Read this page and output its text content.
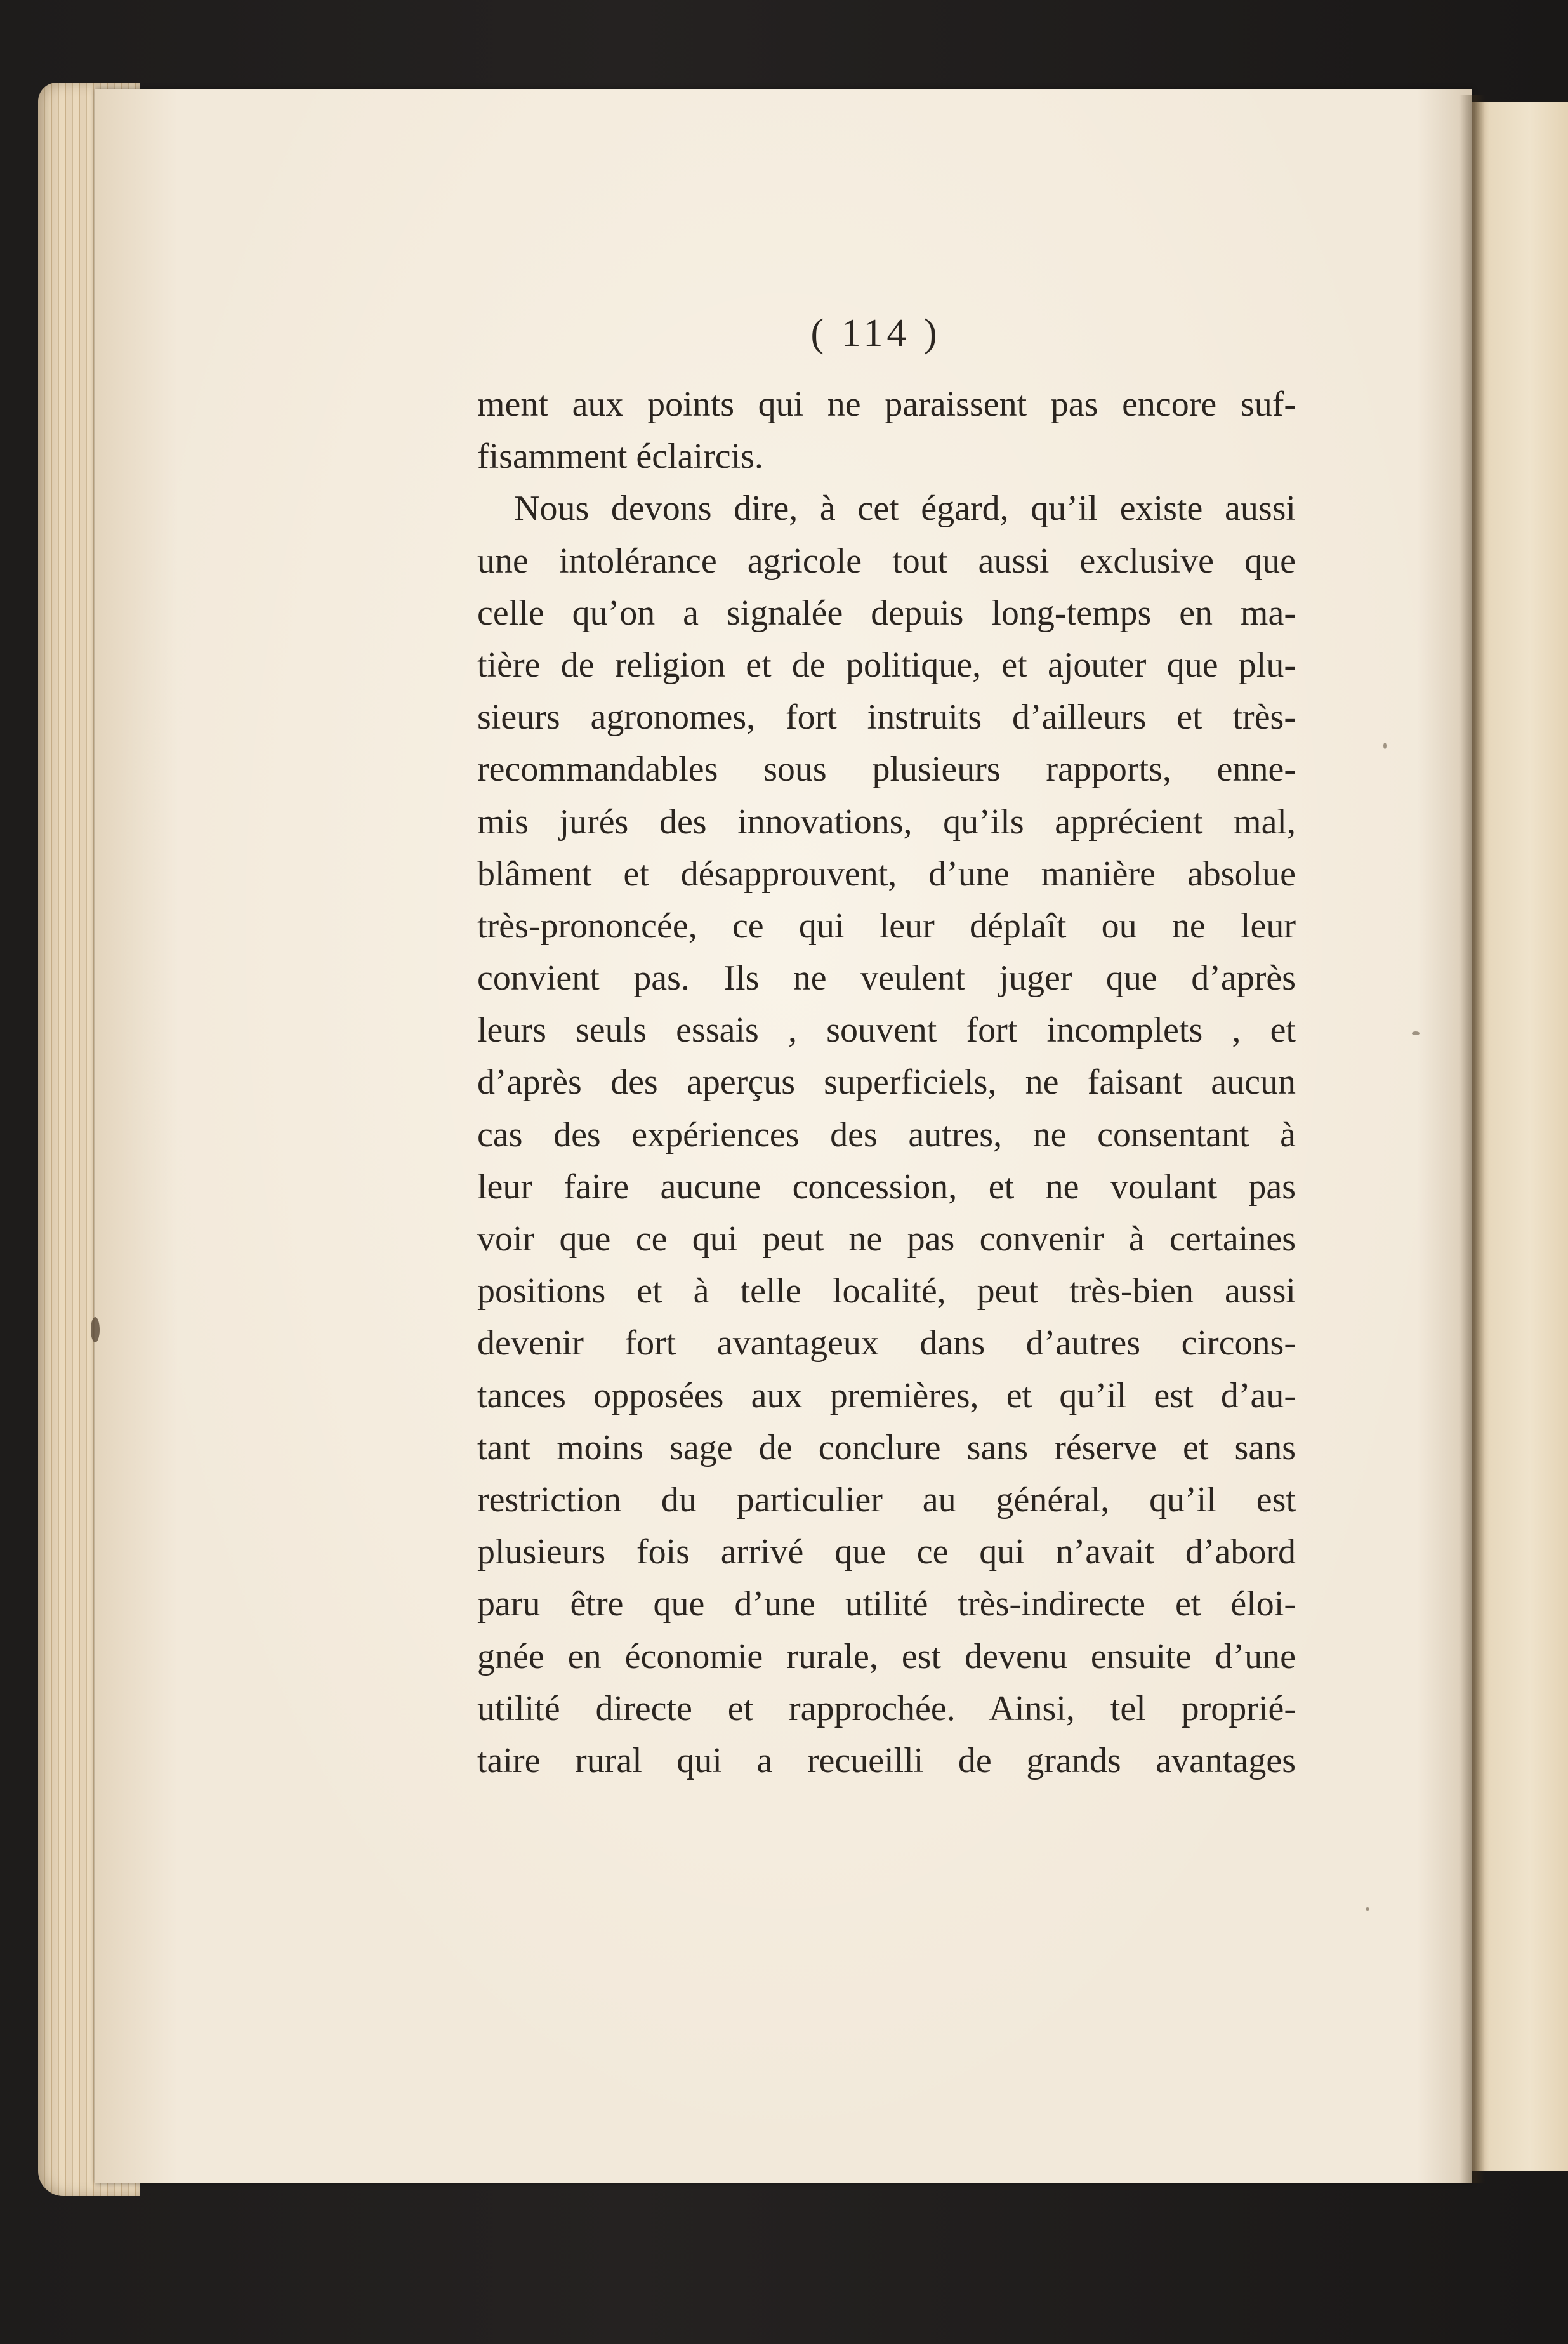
( 114 )
ment aux points qui ne paraissent pas encore suf-
fisamment éclaircis.
Nous devons dire, à cet égard, qu’il existe aussi
une intolérance agricole tout aussi exclusive que
celle qu’on a signalée depuis long-temps en ma-
tière de religion et de politique, et ajouter que plu-
sieurs agronomes, fort instruits d’ailleurs et très-
recommandables sous plusieurs rapports, enne-
mis jurés des innovations, qu’ils apprécient mal,
blâment et désapprouvent, d’une manière absolue
très-prononcée, ce qui leur déplaît ou ne leur
convient pas. Ils ne veulent juger que d’après
leurs seuls essais , souvent fort incomplets , et
d’après des aperçus superficiels, ne faisant aucun
cas des expériences des autres, ne consentant à
leur faire aucune concession, et ne voulant pas
voir que ce qui peut ne pas convenir à certaines
positions et à telle localité, peut très-bien aussi
devenir fort avantageux dans d’autres circons-
tances opposées aux premières, et qu’il est d’au-
tant moins sage de conclure sans réserve et sans
restriction du particulier au général, qu’il est
plusieurs fois arrivé que ce qui n’avait d’abord
paru être que d’une utilité très-indirecte et éloi-
gnée en économie rurale, est devenu ensuite d’une
utilité directe et rapprochée. Ainsi, tel proprié-
taire rural qui a recueilli de grands avantages
